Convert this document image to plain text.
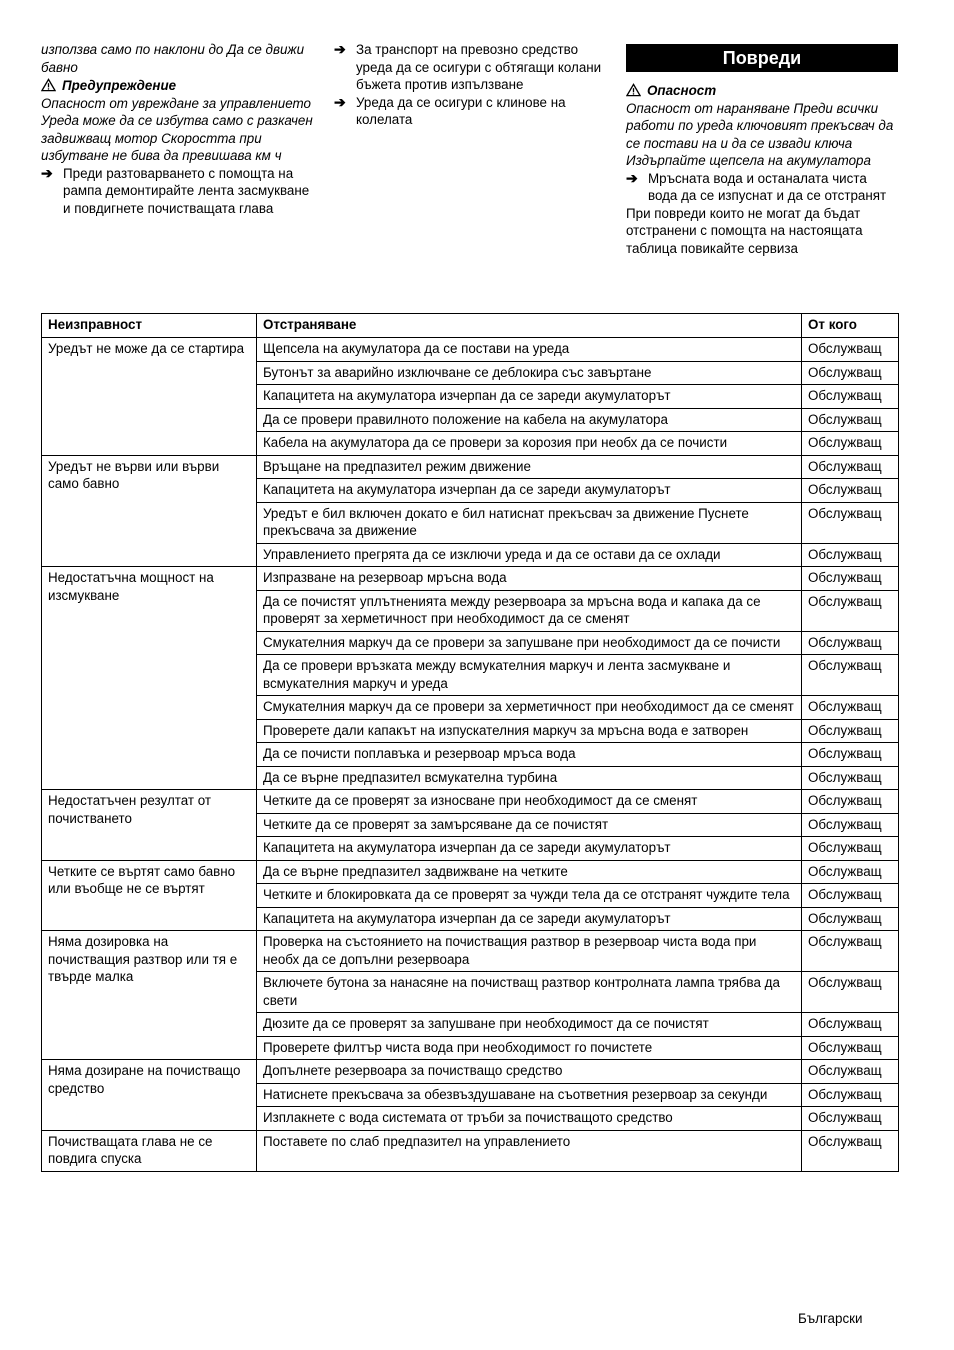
използва само по наклони до Да се движи бавно
Предупреждение
Опасност от увреждане за управлението Уреда може да се избутва само с разкачен задвижващ мотор Скоростта при избутване не бива да превишава км ч
➔ Преди разтоварването с помощта на рампа демонтирайте лента засмукване и повдигнете почистващата глава
➔ За транспорт на превозно средство уреда да се осигури с обтягащи колани бъжета против изпълзване
➔ Уреда да се осигури с клинове на колелата
Повреди
Опасност
Опасност от нараняване Преди всички работи по уреда ключовият прекъсвач да се постави на и да се извади ключа Издърпайте щепсела на акумулатора
➔ Мръсната вода и останалата чиста вода да се изпуснат и да се отстранят
При повреди които не могат да бъдат отстранени с помощта на настоящата таблица повикайте сервиза
Неизправност	Отстраняване	От кого
Уредът не може да се стартира	Щепсела на акумулатора да се постави на уреда	Обслужващ
	Бутонът за аварийно изключване се деблокира със завъртане	Обслужващ
	Капацитета на акумулатора изчерпан да се зареди акумулаторът	Обслужващ
	Да се провери правилното положение на кабела на акумулатора	Обслужващ
	Кабела на акумулатора да се провери за корозия при необх да се почисти	Обслужващ
Уредът не върви или върви само бавно	Връщане на предпазител режим движение	Обслужващ
	Капацитета на акумулатора изчерпан да се зареди акумулаторът	Обслужващ
	Уредът е бил включен докато е бил натиснат прекъсвач за движение Пуснете прекъсвача за движение	Обслужващ
	Управлението прегрята да се изключи уреда и да се остави да се охлади	Обслужващ
Недостатъчна мощност на изсмукване	Изпразване на резервоар мръсна вода	Обслужващ
	Да се почистят уплътненията между резервоара за мръсна вода и капака да се проверят за херметичност при необходимост да се сменят	Обслужващ
	Смукателния маркуч да се провери за запушване при необходимост да се почисти	Обслужващ
	Да се провери връзката между всмукателния маркуч и лента засмукване и всмукателния маркуч и уреда	Обслужващ
	Смукателния маркуч да се провери за херметичност при необходимост да се сменят	Обслужващ
	Проверете дали капакът на изпускателния маркуч за мръсна вода е затворен	Обслужващ
	Да се почисти поплавъка и резервоар мръса вода	Обслужващ
	Да се върне предпазител всмукателна турбина	Обслужващ
Недостатъчен резултат от почистването	Четките да се проверят за износване при необходимост да се сменят	Обслужващ
	Четките да се проверят за замърсяване да се почистят	Обслужващ
	Капацитета на акумулатора изчерпан да се зареди акумулаторът	Обслужващ
Четките се въртят само бавно или въобще не се въртят	Да се върне предпазител задвижване на четките	Обслужващ
	Четките и блокировката да се проверят за чужди тела да се отстранят чуждите тела	Обслужващ
	Капацитета на акумулатора изчерпан да се зареди акумулаторът	Обслужващ
Няма дозировка на почистващия разтвор или тя е твърде малка	Проверка на състоянието на почистващия разтвор в резервоар чиста вода при необх да се допълни резервоара	Обслужващ
	Включете бутона за нанасяне на почистващ разтвор контролната лампа трябва да свети	Обслужващ
	Дюзите да се проверят за запушване при необходимост да се почистят	Обслужващ
	Проверете филтър чиста вода при необходимост го почистете	Обслужващ
Няма дозиране на почистващо средство	Допълнете резервоара за почистващо средство	Обслужващ
	Натиснете прекъсвача за обезвъздушаване на съответния резервоар за секунди	Обслужващ
	Изплакнете с вода системата от тръби за почистващото средство	Обслужващ
Почистващата глава не се повдига спуска	Поставете по слаб предпазител на управлението	Обслужващ
Български
